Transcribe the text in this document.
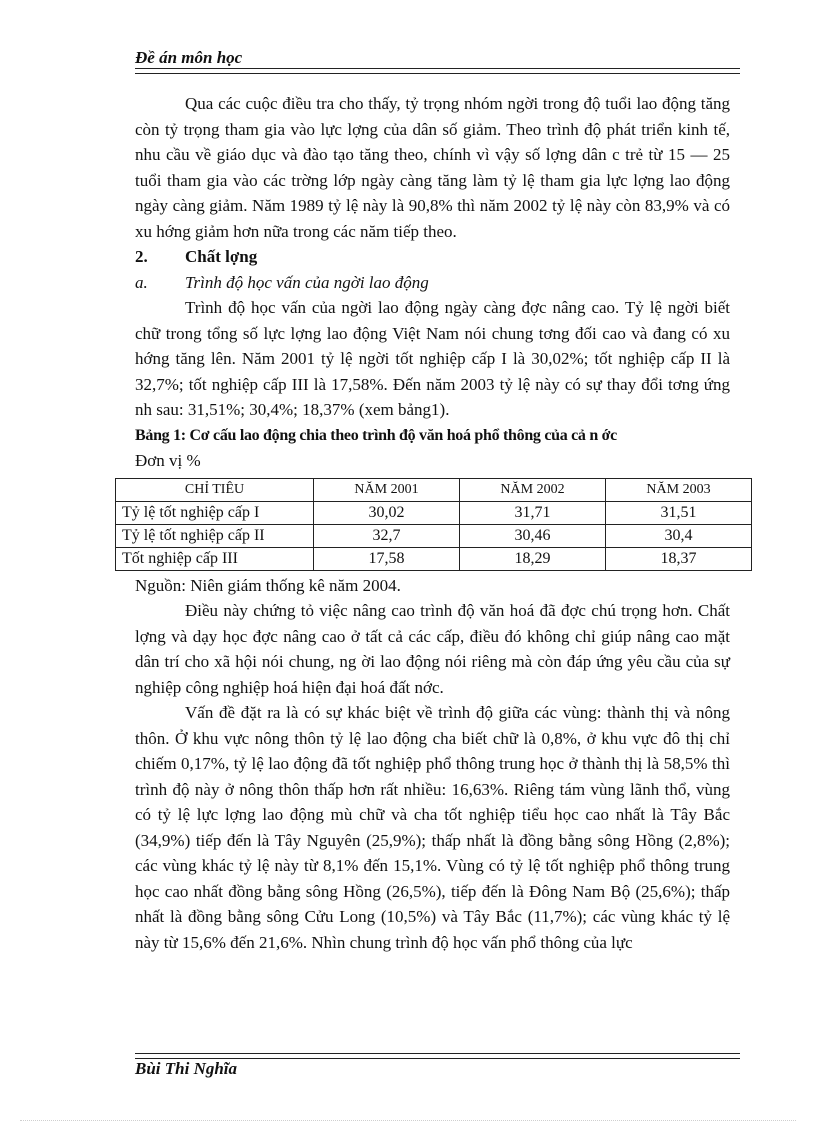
Đề án môn học

Qua các cuộc điều tra cho thấy, tỷ trọng nhóm ngời trong độ tuổi lao động tăng còn tỷ trọng tham gia vào lực lợng của dân số giảm. Theo trình độ phát triển kinh tế, nhu cầu về giáo dục và đào tạo tăng theo, chính vì vậy số lợng dân c trẻ từ 15 — 25 tuổi tham gia vào các trờng lớp ngày càng tăng làm tỷ lệ tham gia lực lợng lao động ngày càng giảm. Năm 1989 tỷ lệ này là 90,8% thì năm 2002 tỷ lệ này còn 83,9% và có xu hớng giảm hơn nữa trong các năm tiếp theo.

2. Chất lợng

a. Trình độ học vấn của ngời lao động

Trình độ học vấn của ngời lao động ngày càng đợc nâng cao. Tỷ lệ ngời biết chữ trong tổng số lực lợng lao động Việt Nam nói chung tơng đối cao và đang có xu hớng tăng lên. Năm 2001 tỷ lệ ngời tốt nghiệp cấp I là 30,02%; tốt nghiệp cấp II là 32,7%; tốt nghiệp cấp III là 17,58%. Đến năm 2003 tỷ lệ này có sự thay đổi tơng ứng nh sau: 31,51%; 30,4%; 18,37% (xem bảng1).

Bảng 1: Cơ cấu lao động chia theo trình độ văn hoá phổ thông của cả n ớc

Đơn vị %

CHỈ TIÊU	NĂM 2001	NĂM 2002	NĂM 2003
Tỷ lệ tốt nghiệp cấp I	30,02	31,71	31,51
Tỷ lệ tốt nghiệp cấp II	32,7	30,46	30,4
Tốt nghiệp cấp III	17,58	18,29	18,37

Nguồn: Niên giám thống kê năm 2004.

Điều này chứng tỏ việc nâng cao trình độ văn hoá đã đợc chú trọng hơn. Chất lợng và dạy học đợc nâng cao ở tất cả các cấp, điều đó không chỉ giúp nâng cao mặt dân trí cho xã hội nói chung, ng ời lao động nói riêng mà còn đáp ứng yêu cầu của sự nghiệp công nghiệp hoá hiện đại hoá đất nớc.

Vấn đề đặt ra là có sự khác biệt về trình độ giữa các vùng: thành thị và nông thôn. Ở khu vực nông thôn tỷ lệ lao động cha biết chữ là 0,8%, ở khu vực đô thị chỉ chiếm 0,17%, tỷ lệ lao động đã tốt nghiệp phổ thông trung học ở thành thị là 58,5% thì trình độ này ở nông thôn thấp hơn rất nhiều: 16,63%. Riêng tám vùng lãnh thổ, vùng có tỷ lệ lực lợng lao động mù chữ và cha tốt nghiệp tiểu học cao nhất là Tây Bắc (34,9%) tiếp đến là Tây Nguyên (25,9%); thấp nhất là đồng bằng sông Hồng (2,8%); các vùng khác tỷ lệ này từ 8,1% đến 15,1%. Vùng có tỷ lệ tốt nghiệp phổ thông trung học cao nhất đồng bằng sông Hồng (26,5%), tiếp đến là Đông Nam Bộ (25,6%); thấp nhất là đồng bằng sông Cửu Long (10,5%) và Tây Bắc (11,7%); các vùng khác tỷ lệ này từ 15,6% đến 21,6%. Nhìn chung trình độ học vấn phổ thông của lực

Bùi Thi Nghĩa
